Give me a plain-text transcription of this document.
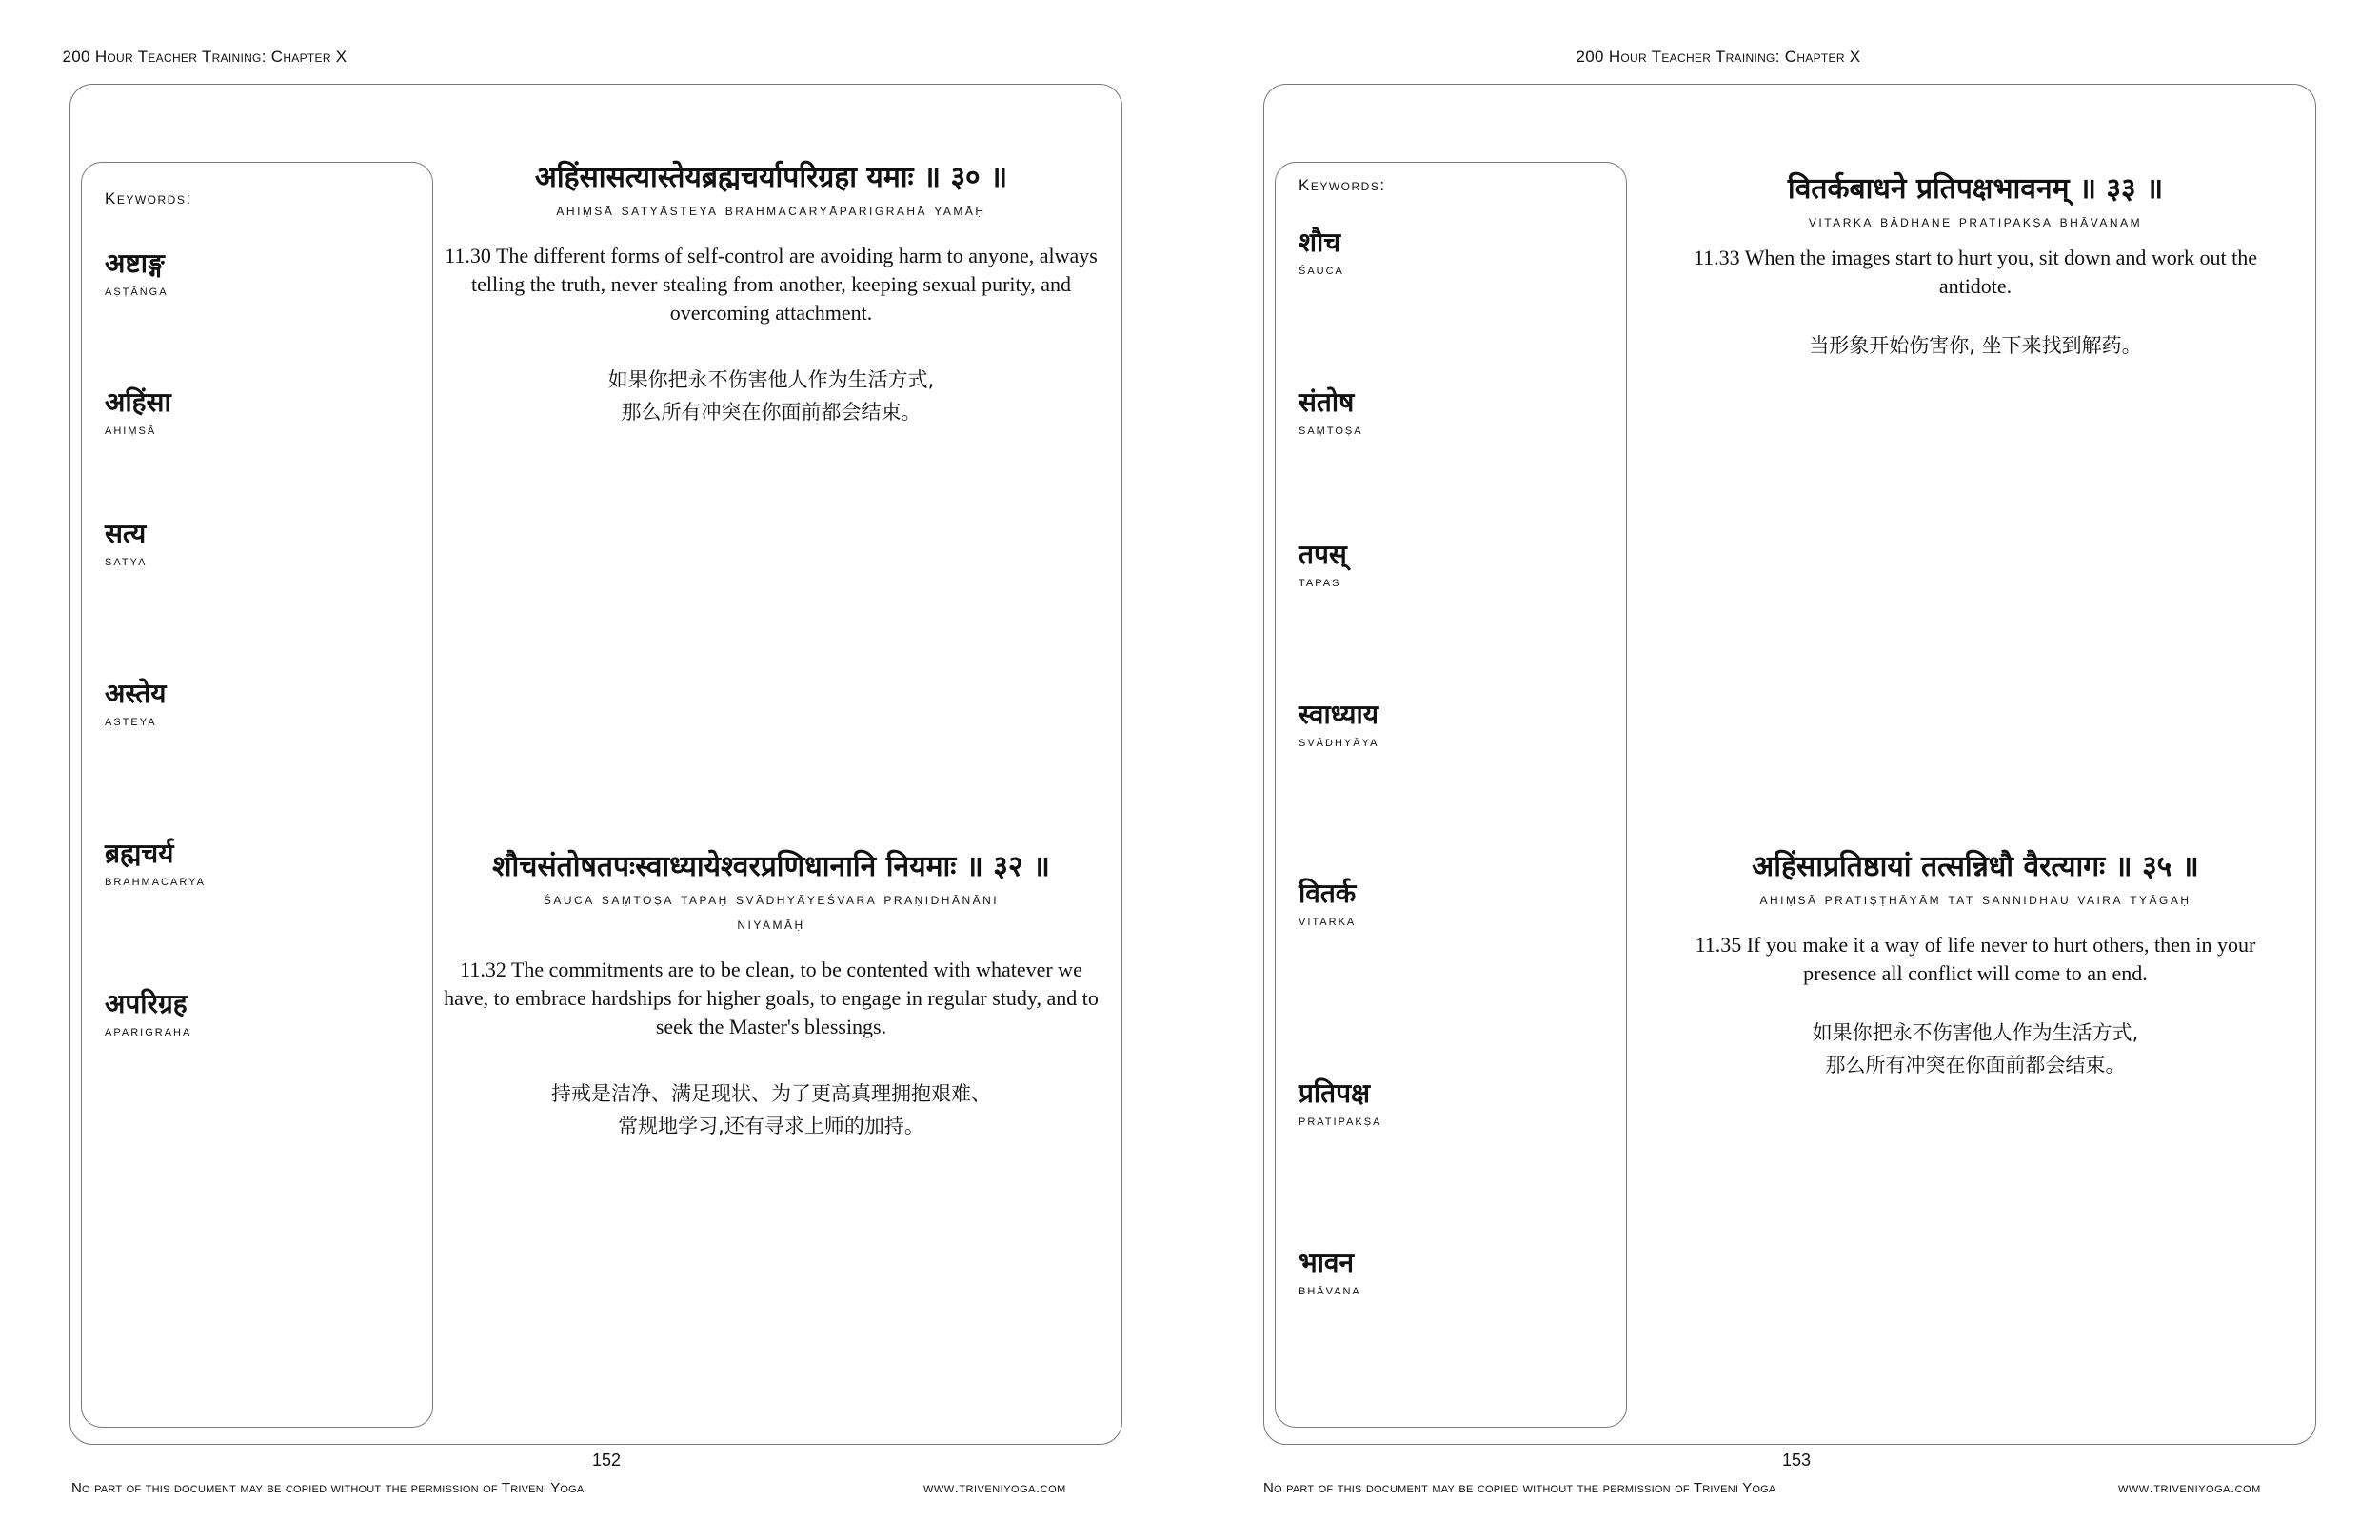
200 Hour Teacher Training: Chapter X
Keywords:
अष्टाङ्ग
aṣṭāṅga
अहिंसा
ahiṃsā
सत्य
satya
अस्तेय
asteya
ब्रह्मचर्य
brahmacarya
अपरिग्रह
aparigraha
अहिंसासत्यास्तेयब्रह्मचर्यापरिग्रहा यमाः ॥ ३० ॥
ahiṃsā satyāsteya brahmacaryāparigrahā yamāḥ
11.30 The different forms of self-control are avoiding harm to anyone, always telling the truth, never stealing from another, keeping sexual purity, and overcoming attachment.
如果你把永不伤害他人作为生活方式,
那么所有冲突在你面前都会结束。
शौचसंतोषतपःस्वाध्यायेश्वरप्रणिधानानि नियमाः ॥ ३२ ॥
śauca saṃtoṣa tapaḥ svādhyāyeśvara praṇidhānāni niyamāḥ
11.32 The commitments are to be clean, to be contented with whatever we have, to embrace hardships for higher goals, to engage in regular study, and to seek the Master's blessings.
持戒是洁净、满足现状、为了更高真理拥抱艰难、
常规地学习,还有寻求上师的加持。
152
No part of this document may be copied without the permission of Triveni Yoga	www.triveniyoga.com
200 Hour Teacher Training: Chapter X
Keywords:
शौच
śauca
संतोष
saṃtoṣa
तपस्
tapas
स्वाध्याय
svādhyāya
वितर्क
vitarka
प्रतिपक्ष
pratipakṣa
भावन
bhāvana
वितर्कबाधने प्रतिपक्षभावनम् ॥ ३३ ॥
vitarka bādhane pratipakṣa bhāvanam
11.33 When the images start to hurt you, sit down and work out the antidote.
当形象开始伤害你, 坐下来找到解药。
अहिंसाप्रतिष्ठायां तत्सन्निधौ वैरत्यागः ॥ ३५ ॥
ahiṃsā pratiṣṭhāyāṃ tat sannidhau vaira tyāgaḥ
11.35 If you make it a way of life never to hurt others, then in your presence all conflict will come to an end.
如果你把永不伤害他人作为生活方式,
那么所有冲突在你面前都会结束。
153
No part of this document may be copied without the permission of Triveni Yoga	www.triveniyoga.com
